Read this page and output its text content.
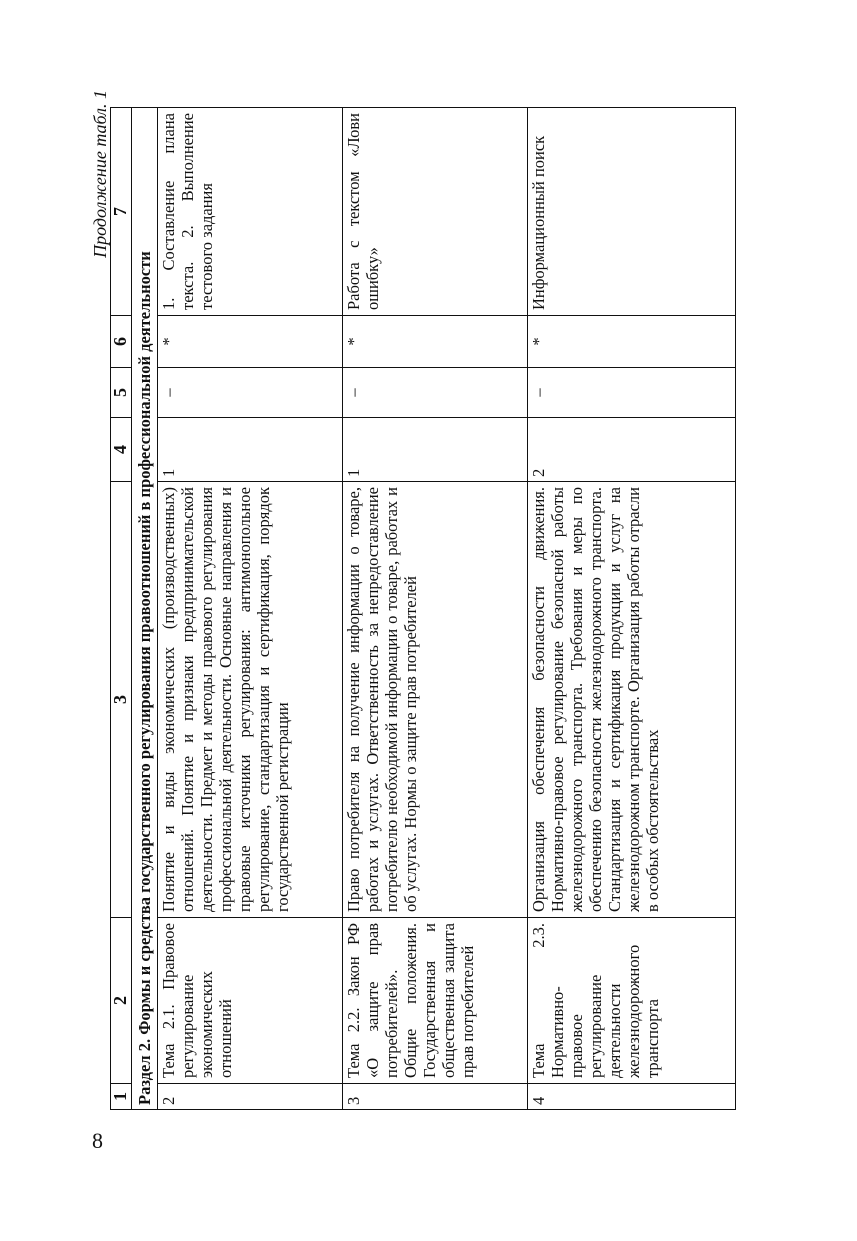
8
Продолжение табл. 1
1	2	3	4	5	6	7
Раздел 2. Формы и средства государственного регулирования правоотношений в профессиональной деятельности						
2	Тема 2.1. Правовое регулирование экономических отношений	Понятие и виды экономических (производственных) отношений. Понятие и признаки предпринимательской деятельности. Предмет и методы правового регулирования профессиональной деятельности. Основные направления и правовые источники регулирования: антимонопольное регулирование, стандартизация и сертификация, порядок государственной регистрации	1	–	*	1. Составление плана текста. 2. Выполнение тестового задания
3	Тема 2.2. Закон РФ «О защите прав потребителей». Общие положения. Государственная и общественная защита прав потребителей	Право потребителя на получение информации о товаре, работах и услугах. Ответственность за непредоставление потребителю необходимой информации о товаре, работах и об услугах. Нормы о защите прав потребителей	1	–	*	Работа с текстом «Лови ошибку»
4	Тема 2.3. Нормативно-правовое регулирование деятельности железнодорожного транспорта	Организация обеспечения безопасности движения. Нормативно-правовое регулирование безопасной работы железнодорожного транспорта. Требования и меры по обеспечению безопасности железнодорожного транспорта. Стандартизация и сертификация продукции и услуг на железнодорожном транспорте. Организация работы отрасли в особых обстоятельствах	2	–	*	Информационный поиск
